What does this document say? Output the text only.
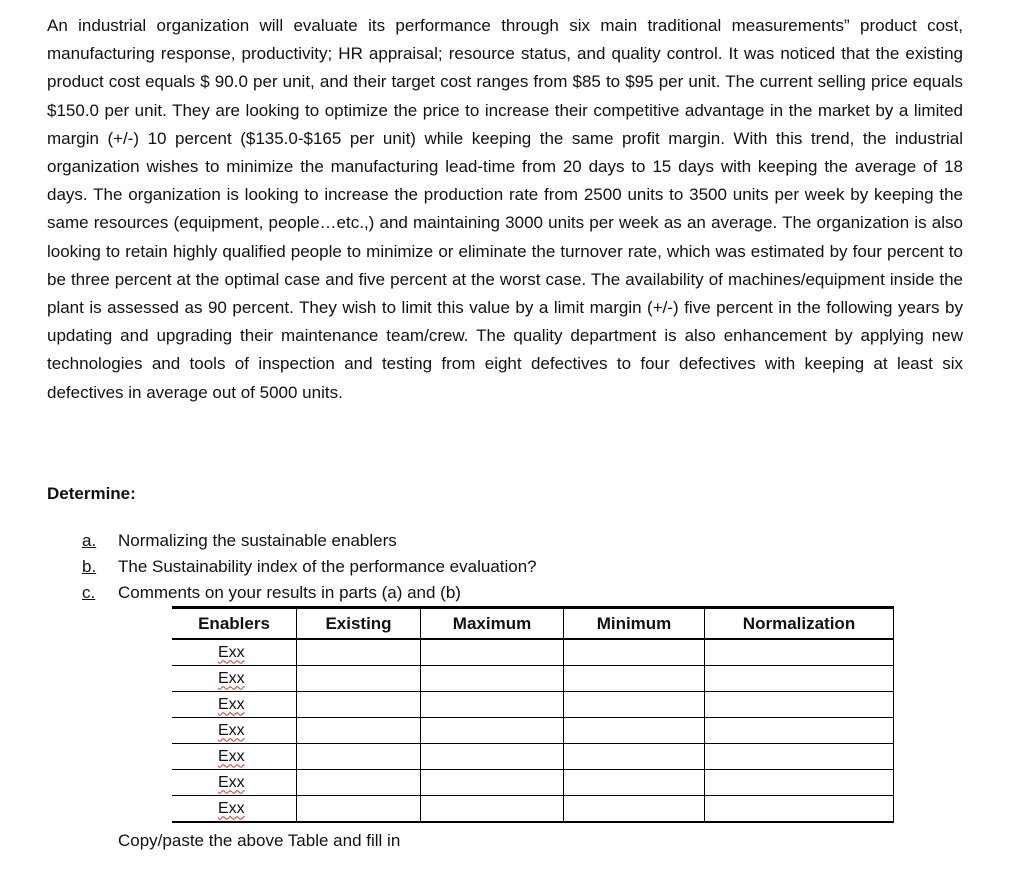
An industrial organization will evaluate its performance through six main traditional measurements” product cost, manufacturing response, productivity; HR appraisal; resource status, and quality control. It was noticed that the existing product cost equals $ 90.0 per unit, and their target cost ranges from $85 to $95 per unit. The current selling price equals $150.0 per unit. They are looking to optimize the price to increase their competitive advantage in the market by a limited margin (+/-) 10 percent ($135.0-$165 per unit) while keeping the same profit margin. With this trend, the industrial organization wishes to minimize the manufacturing lead-time from 20 days to 15 days with keeping the average of 18 days. The organization is looking to increase the production rate from 2500 units to 3500 units per week by keeping the same resources (equipment, people…etc.,) and maintaining 3000 units per week as an average. The organization is also looking to retain highly qualified people to minimize or eliminate the turnover rate, which was estimated by four percent to be three percent at the optimal case and five percent at the worst case. The availability of machines/equipment inside the plant is assessed as 90 percent. They wish to limit this value by a limit margin (+/-) five percent in the following years by updating and upgrading their maintenance team/crew. The quality department is also enhancement by applying new technologies and tools of inspection and testing from eight defectives to four defectives with keeping at least six defectives in average out of 5000 units.

Determine:

a.	Normalizing the sustainable enablers
b.	The Sustainability index of the performance evaluation?
c.	Comments on your results in parts (a) and (b)
Enablers	Existing	Maximum	Minimum	Normalization
Exx				
Exx				
Exx				
Exx				
Exx				
Exx				
Exx				

Copy/paste the above Table and fill in
